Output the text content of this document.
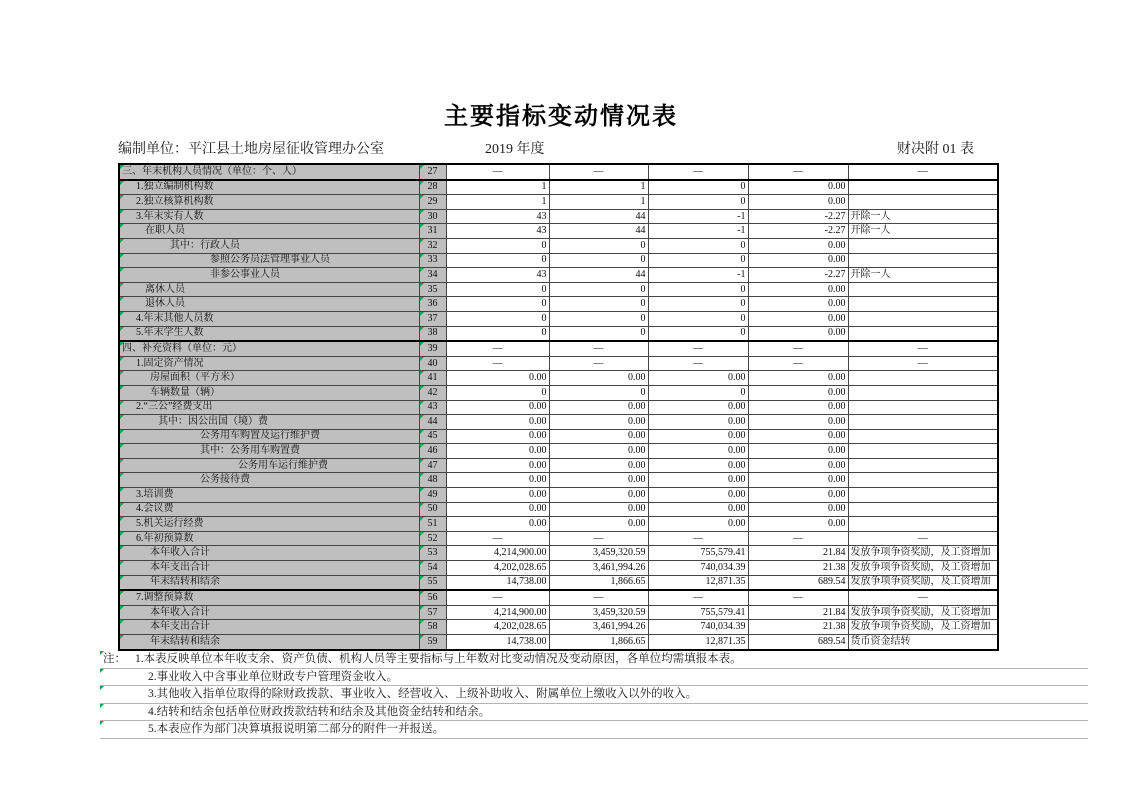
主要指标变动情况表
编制单位：平江县土地房屋征收管理办公室	2019 年度	财决附 01 表
三、年末机构人员情况（单位：个、人）	27	—	—	—	—	—
1.独立编制机构数	28	1	1	0	0.00	
2.独立核算机构数	29	1	1	0	0.00	
3.年末实有人数	30	43	44	-1	-2.27	开除一人
在职人员	31	43	44	-1	-2.27	开除一人
其中：行政人员	32	0	0	0	0.00	
参照公务员法管理事业人员	33	0	0	0	0.00	
非参公事业人员	34	43	44	-1	-2.27	开除一人
离休人员	35	0	0	0	0.00	
退休人员	36	0	0	0	0.00	
4.年末其他人员数	37	0	0	0	0.00	
5.年末学生人数	38	0	0	0	0.00	
四、补充资料（单位：元）	39	—	—	—	—	—
1.固定资产情况	40	—	—	—	—	—
房屋面积（平方米）	41	0.00	0.00	0.00	0.00	
车辆数量（辆）	42	0	0	0	0.00	
2.“三公”经费支出	43	0.00	0.00	0.00	0.00	
其中：因公出国（境）费	44	0.00	0.00	0.00	0.00	
公务用车购置及运行维护费	45	0.00	0.00	0.00	0.00	
其中：公务用车购置费	46	0.00	0.00	0.00	0.00	
公务用车运行维护费	47	0.00	0.00	0.00	0.00	
公务接待费	48	0.00	0.00	0.00	0.00	
3.培训费	49	0.00	0.00	0.00	0.00	
4.会议费	50	0.00	0.00	0.00	0.00	
5.机关运行经费	51	0.00	0.00	0.00	0.00	
6.年初预算数	52	—	—	—	—	—
本年收入合计	53	4,214,900.00	3,459,320.59	755,579.41	21.84	发放争项争资奖励，及工资增加
本年支出合计	54	4,202,028.65	3,461,994.26	740,034.39	21.38	发放争项争资奖励，及工资增加
年末结转和结余	55	14,738.00	1,866.65	12,871.35	689.54	发放争项争资奖励，及工资增加
7.调整预算数	56	—	—	—	—	—
本年收入合计	57	4,214,900.00	3,459,320.59	755,579.41	21.84	发放争项争资奖励，及工资增加
本年支出合计	58	4,202,028.65	3,461,994.26	740,034.39	21.38	发放争项争资奖励，及工资增加
年末结转和结余	59	14,738.00	1,866.65	12,871.35	689.54	货币资金结转
注： 1.本表反映单位本年收支余、资产负债、机构人员等主要指标与上年数对比变动情况及变动原因，各单位均需填报本表。
2.事业收入中含事业单位财政专户管理资金收入。
3.其他收入指单位取得的除财政拨款、事业收入、经营收入、上级补助收入、附属单位上缴收入以外的收入。
4.结转和结余包括单位财政拨款结转和结余及其他资金结转和结余。
5.本表应作为部门决算填报说明第二部分的附件一并报送。
